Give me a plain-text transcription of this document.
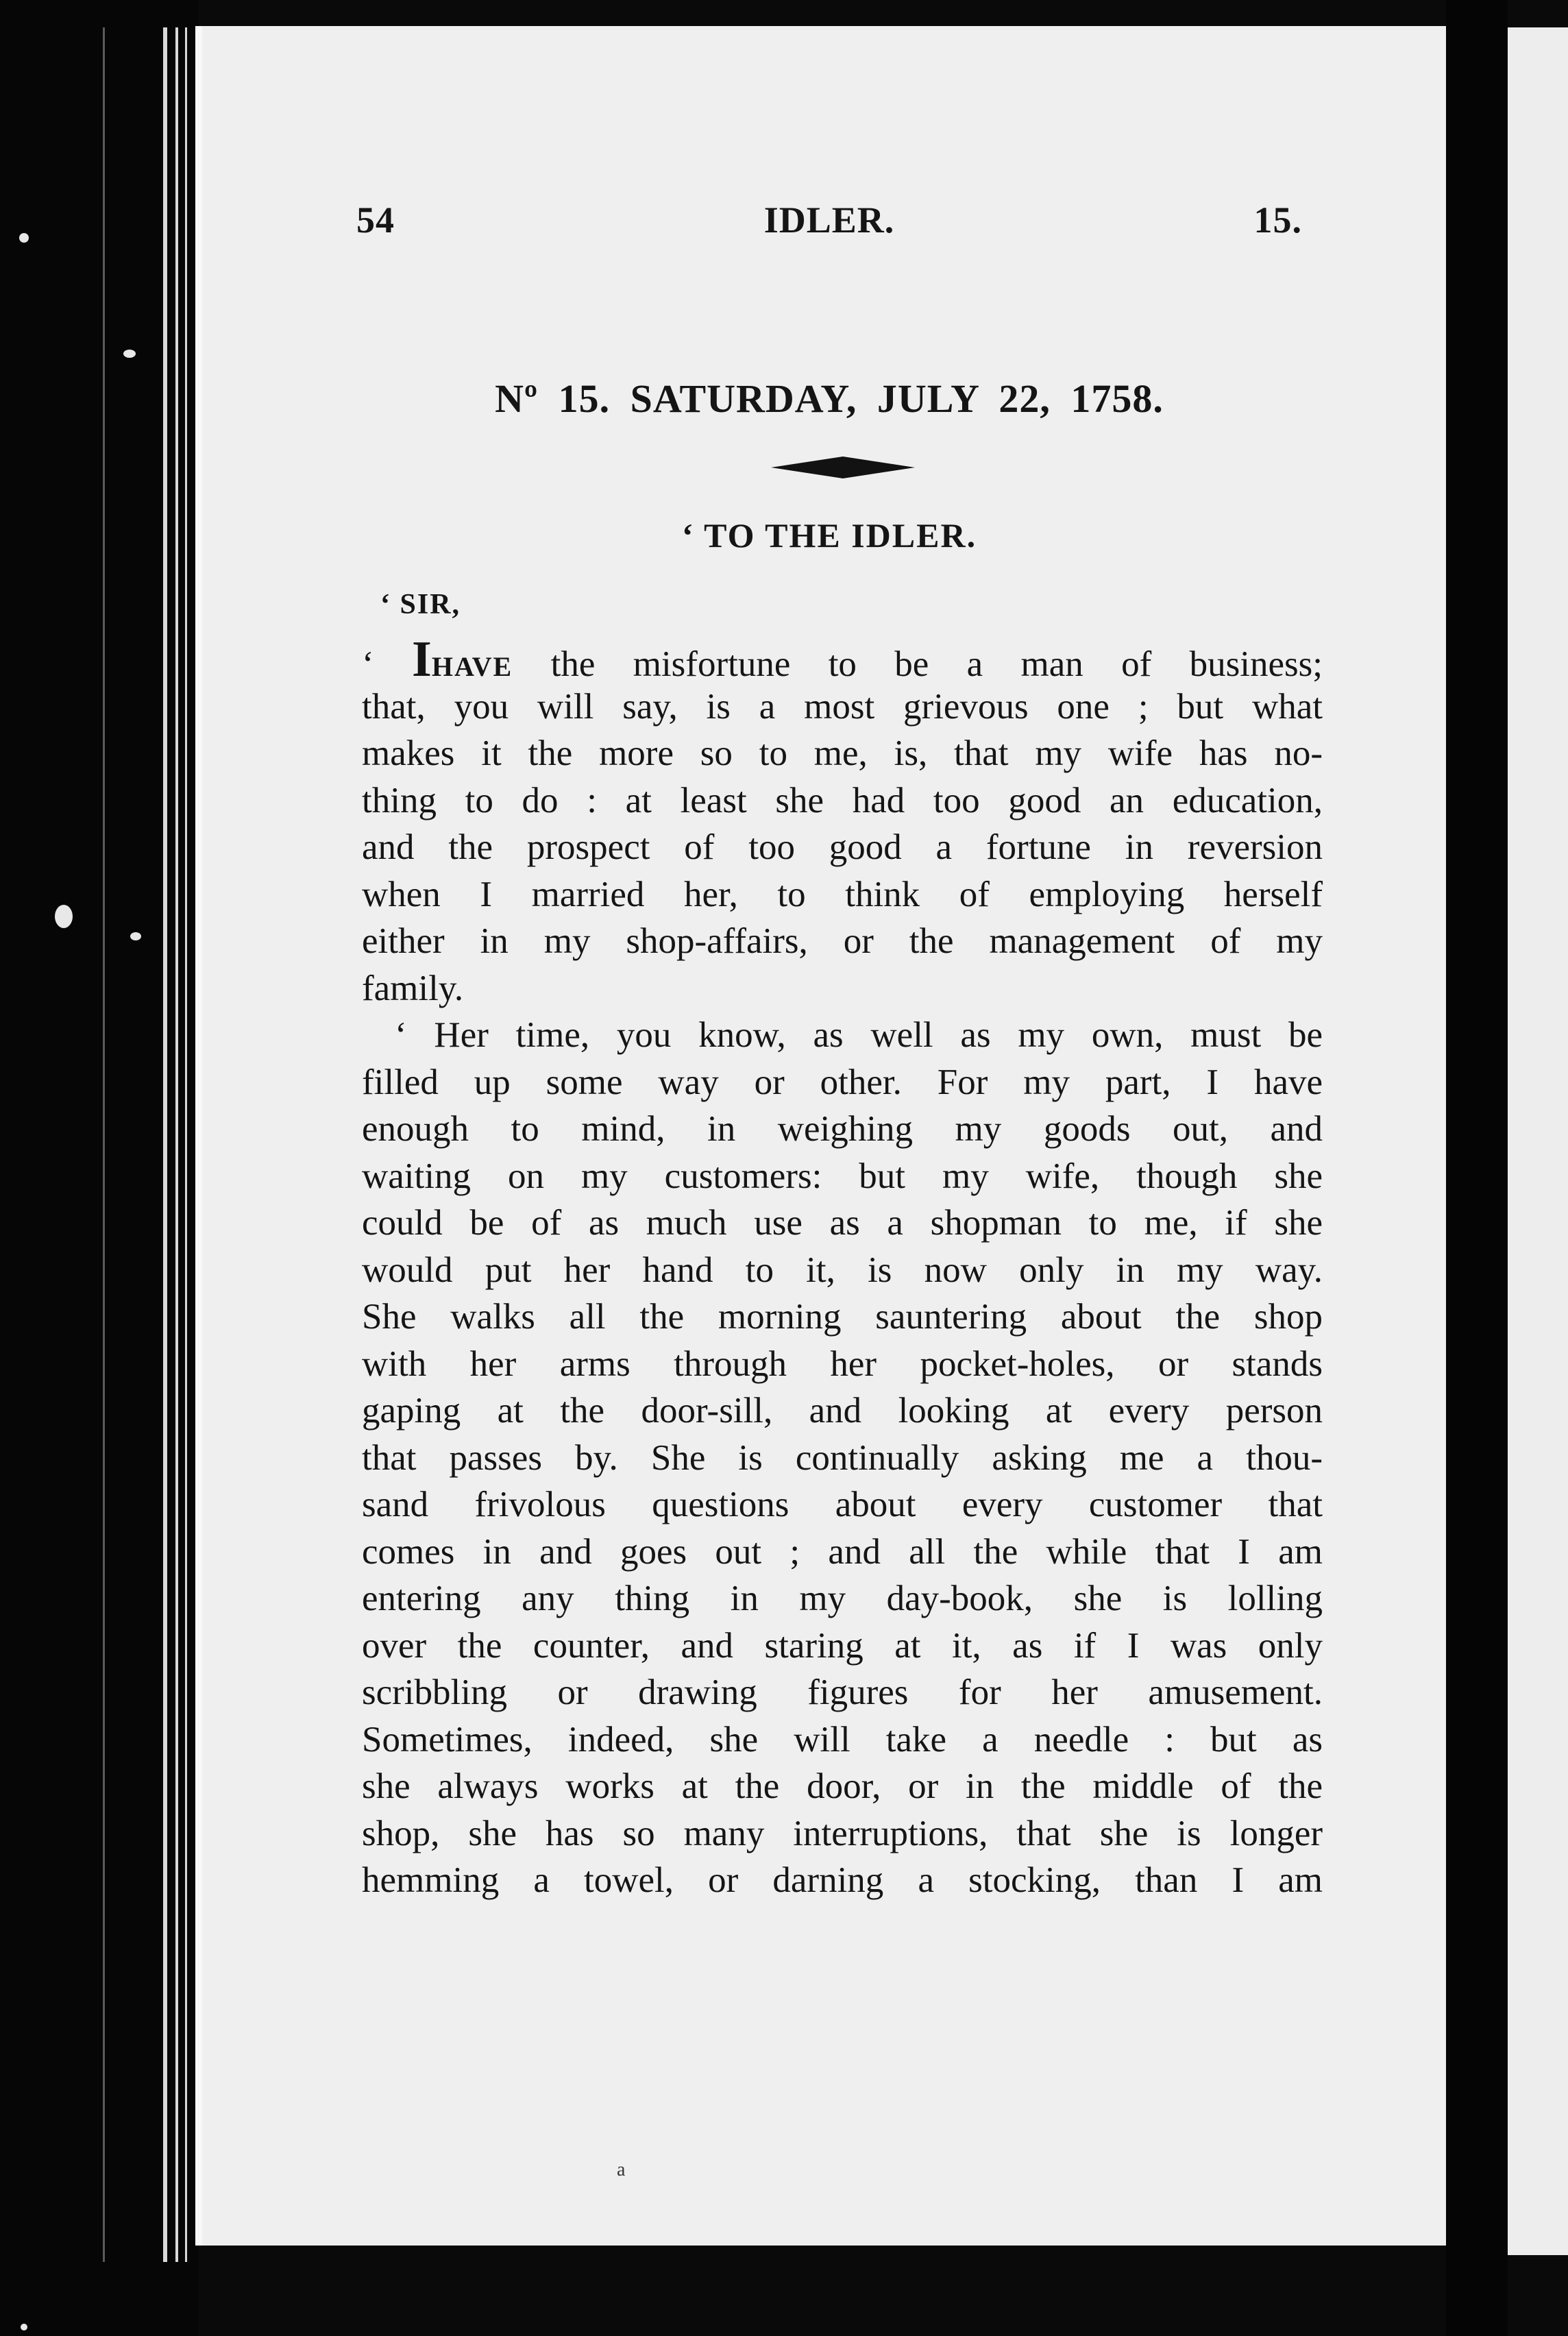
54	IDLER.	15.
Nº 15. SATURDAY, JULY 22, 1758.
‘ TO THE IDLER.
‘ SIR,
‘ IHAVE the misfortune to be a man of business;
that, you will say, is a most grievous one ; but what
makes it the more so to me, is, that my wife has no-
thing to do : at least she had too good an education,
and the prospect of too good a fortune in reversion
when I married her, to think of employing herself
either in my shop-affairs, or the management of my
family.
‘ Her time, you know, as well as my own, must be
filled up some way or other. For my part, I have
enough to mind, in weighing my goods out, and
waiting on my customers: but my wife, though she
could be of as much use as a shopman to me, if she
would put her hand to it, is now only in my way.
She walks all the morning sauntering about the shop
with her arms through her pocket-holes, or stands
gaping at the door-sill, and looking at every person
that passes by. She is continually asking me a thou-
sand frivolous questions about every customer that
comes in and goes out ; and all the while that I am
entering any thing in my day-book, she is lolling
over the counter, and staring at it, as if I was only
scribbling or drawing figures for her amusement.
Sometimes, indeed, she will take a needle : but as
she always works at the door, or in the middle of the
shop, she has so many interruptions, that she is longer
hemming a towel, or darning a stocking, than I am
a
